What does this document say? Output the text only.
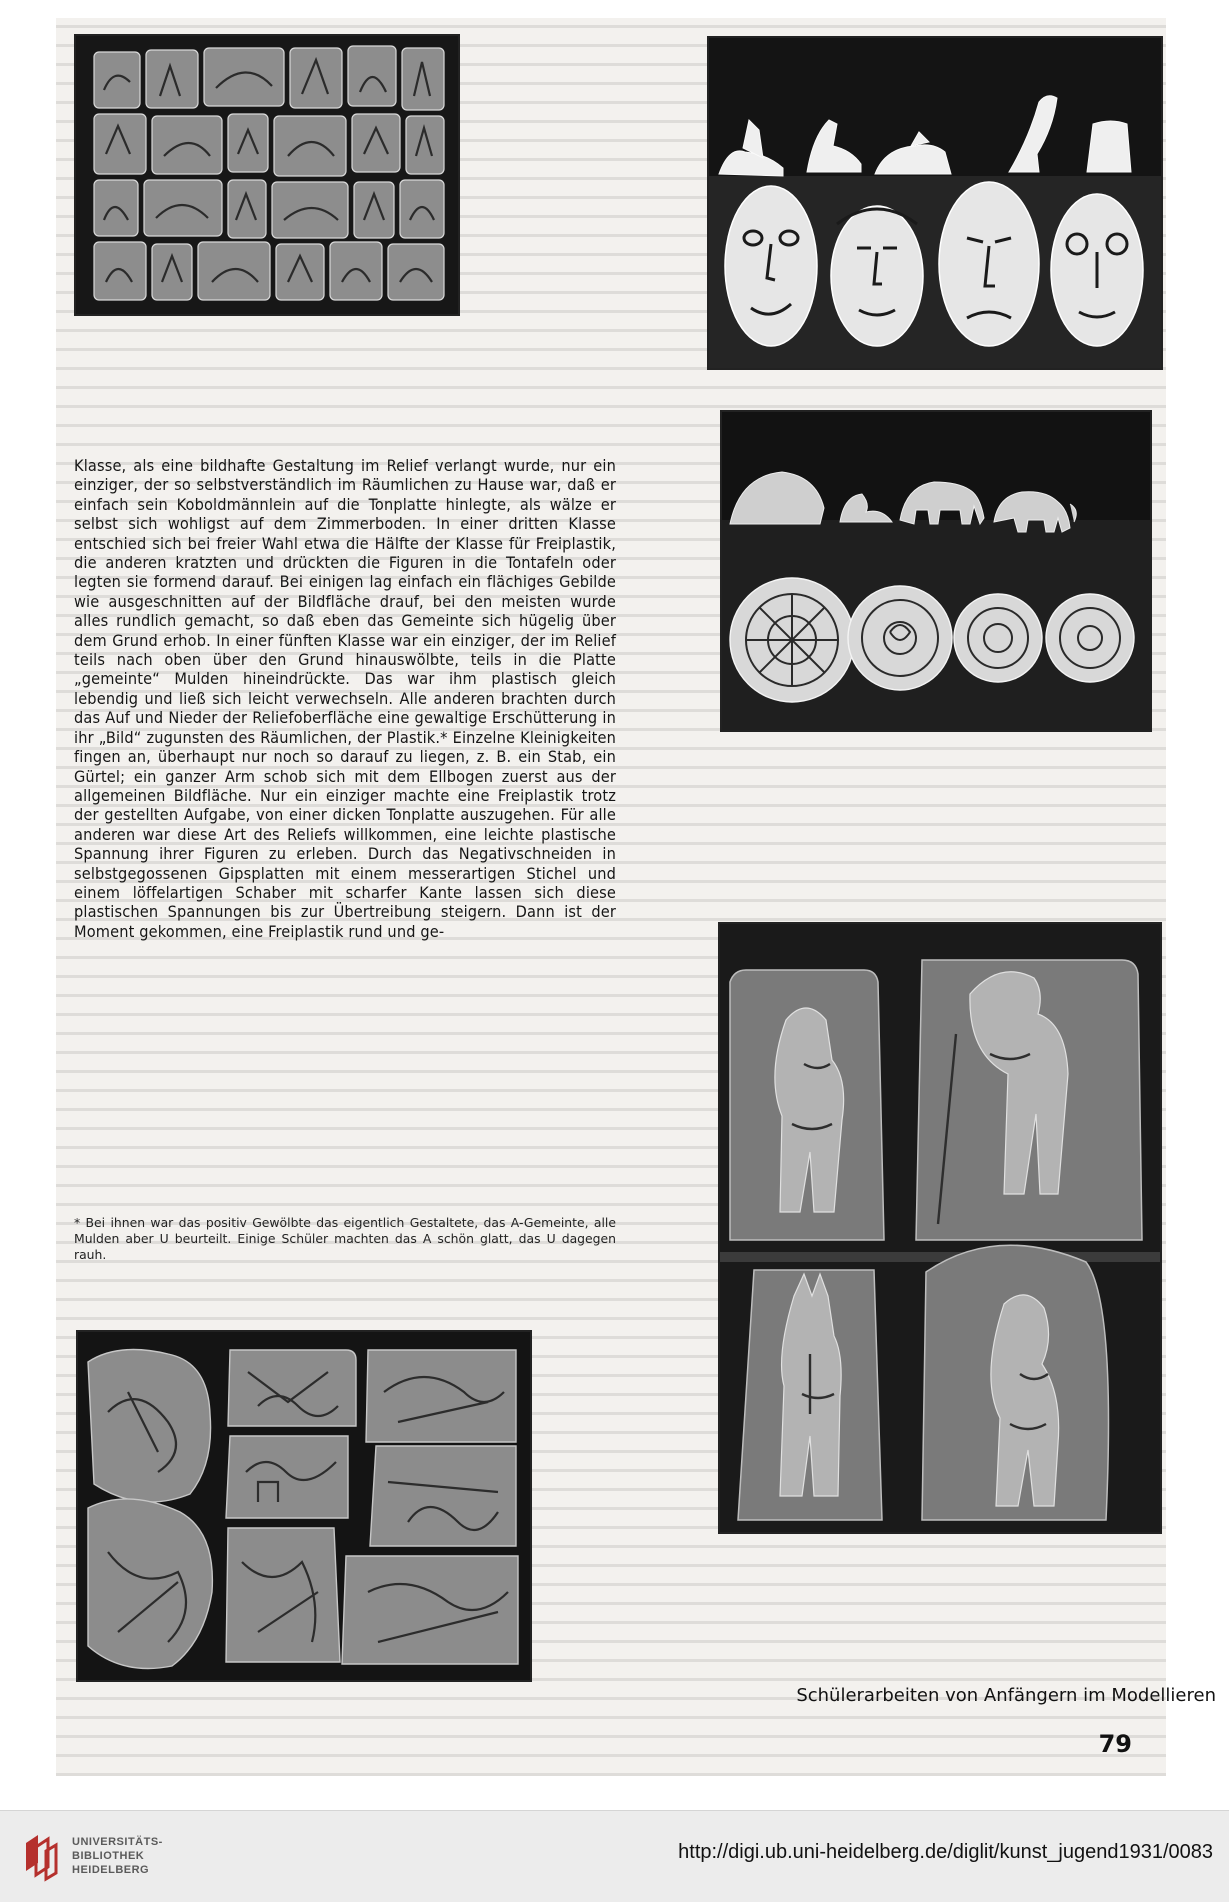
Klasse, als eine bildhafte Gestaltung im Relief verlangt wurde, nur ein einziger, der so selbstverständlich im Räumlichen zu Hause war, daß er einfach sein Koboldmännlein auf die Tonplatte hinlegte, als wälze er selbst sich wohligst auf dem Zimmerboden. In einer dritten Klasse entschied sich bei freier Wahl etwa die Hälfte der Klasse für Freiplastik, die anderen kratzten und drückten die Figuren in die Tontafeln oder legten sie formend darauf. Bei einigen lag einfach ein flächiges Gebilde wie ausgeschnitten auf der Bildfläche drauf, bei den meisten wurde alles rundlich gemacht, so daß eben das Gemeinte sich hügelig über dem Grund erhob. In einer fünften Klasse war ein einziger, der im Relief teils nach oben über den Grund hinauswölbte, teils in die Platte „gemeinte“ Mulden hineindrückte. Das war ihm plastisch gleich lebendig und ließ sich leicht verwechseln. Alle anderen brachten durch das Auf und Nieder der Reliefoberfläche eine gewaltige Erschütterung in ihr „Bild“ zugunsten des Räumlichen, der Plastik.* Einzelne Kleinigkeiten fingen an, überhaupt nur noch so darauf zu liegen, z. B. ein Stab, ein Gürtel; ein ganzer Arm schob sich mit dem Ellbogen zuerst aus der allgemeinen Bildfläche. Nur ein einziger machte eine Freiplastik trotz der gestellten Aufgabe, von einer dicken Tonplatte auszugehen. Für alle anderen war diese Art des Reliefs willkommen, eine leichte plastische Spannung ihrer Figuren zu erleben. Durch das Negativschneiden in selbstgegossenen Gipsplatten mit einem messerartigen Stichel und einem löffelartigen Schaber mit scharfer Kante lassen sich diese plastischen Spannungen bis zur Übertreibung steigern. Dann ist der Moment gekommen, eine Freiplastik rund und ge-

* Bei ihnen war das positiv Gewölbte das eigentlich Gestaltete, das A-Gemeinte, alle Mulden aber U beurteilt. Einige Schüler machten das A schön glatt, das U dagegen rauh.

Schülerarbeiten von Anfängern im Modellieren

79

UNIVERSITÄTS-
BIBLIOTHEK
HEIDELBERG

http://digi.ub.uni-heidelberg.de/diglit/kunst_jugend1931/0083
